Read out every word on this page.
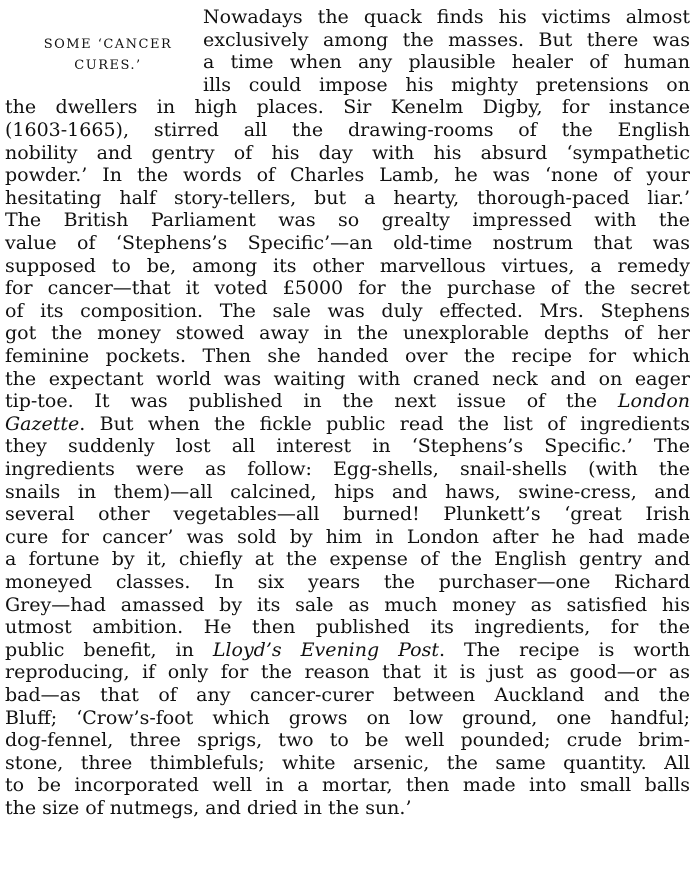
SOME ‘CANCER
CURES.’
Nowadays the quack finds his victims almost
exclusively among the masses. But there was
a time when any plausible healer of human
ills could impose his mighty pretensions on
the dwellers in high places. Sir Kenelm Digby, for instance
(1603-1665), stirred all the drawing-rooms of the English
nobility and gentry of his day with his absurd ‘sympathetic
powder.’ In the words of Charles Lamb, he was ‘none of your
hesitating half story-tellers, but a hearty, thorough-paced liar.’
The British Parliament was so grealty impressed with the
value of ‘Stephens’s Specific’—an old-time nostrum that was
supposed to be, among its other marvellous virtues, a remedy
for cancer—that it voted £5000 for the purchase of the secret
of its composition. The sale was duly effected. Mrs. Stephens
got the money stowed away in the unexplorable depths of her
feminine pockets. Then she handed over the recipe for which
the expectant world was waiting with craned neck and on eager
tip-toe. It was published in the next issue of the London
Gazette. But when the fickle public read the list of ingredients
they suddenly lost all interest in ‘Stephens’s Specific.’ The
ingredients were as follow: Egg-shells, snail-shells (with the
snails in them)—all calcined, hips and haws, swine-cress, and
several other vegetables—all burned! Plunkett’s ‘great Irish
cure for cancer’ was sold by him in London after he had made
a fortune by it, chiefly at the expense of the English gentry and
moneyed classes. In six years the purchaser—one Richard
Grey—had amassed by its sale as much money as satisfied his
utmost ambition. He then published its ingredients, for the
public benefit, in Lloyd’s Evening Post. The recipe is worth
reproducing, if only for the reason that it is just as good—or as
bad—as that of any cancer-curer between Auckland and the
Bluff; ‘Crow’s-foot which grows on low ground, one handful;
dog-fennel, three sprigs, two to be well pounded; crude brim-
stone, three thimblefuls; white arsenic, the same quantity. All
to be incorporated well in a mortar, then made into small balls
the size of nutmegs, and dried in the sun.’
